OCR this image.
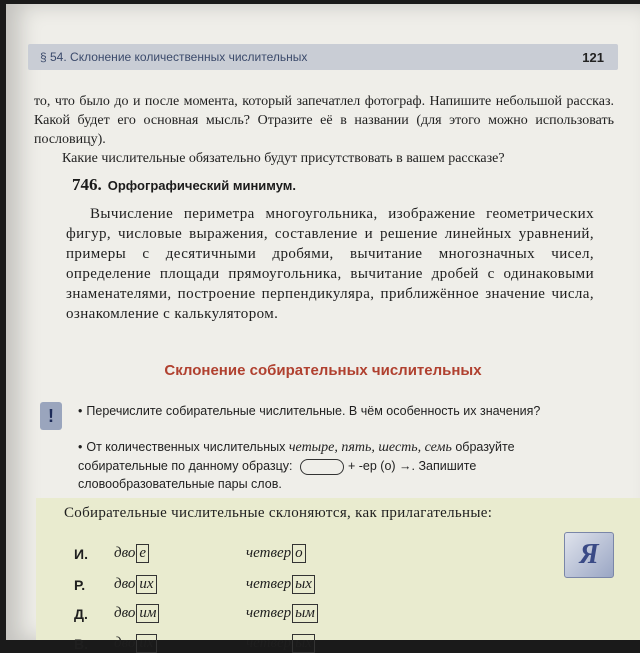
§ 54. Склонение количественных числительных	121
то, что было до и после момента, который запечатлел фотограф. Напишите небольшой рассказ. Какой будет его основная мысль? Отразите её в названии (для этого можно использовать пословицу).
Какие числительные обязательно будут присутствовать в вашем рассказе?
746. Орфографический минимум.
Вычисление периметра многоугольника, изображение геометрических фигур, числовые выражения, составление и решение линейных уравнений, примеры с десятичными дробями, вычитание многозначных чисел, определение площади прямоугольника, вычитание дробей с одинаковыми знаменателями, построение перпендикуляра, приближённое значение числа, ознакомление с калькулятором.
Склонение собирательных числительных
!	• Перечислите собирательные числительные. В чём особенность их значения?
• От количественных числительных четыре, пять, шесть, семь образуйте собирательные по данному образцу:	+ -ер (о) →. Запишите словообразовательные пары слов.
Собирательные числительные склоняются, как прилагательные:
Я
И.	дво е	четвер о
Р.	дво их	четвер ых
Д.	дво им	четвер ым
В.	дво их	четвер ых
